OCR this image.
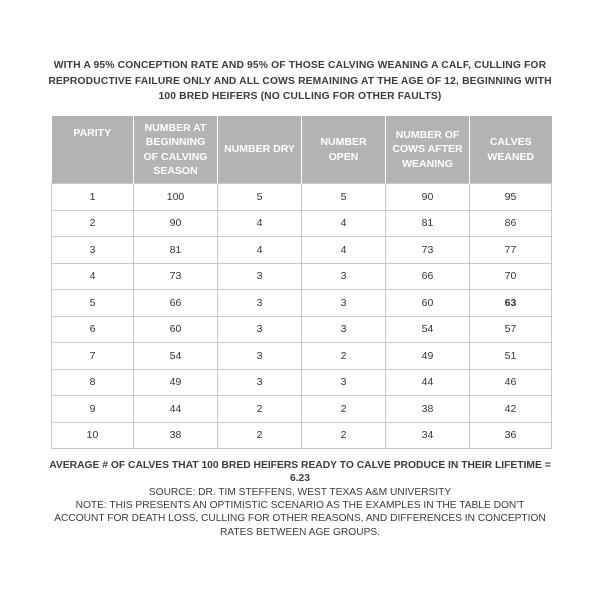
WITH A 95% CONCEPTION RATE AND 95% OF THOSE CALVING WEANING A CALF, CULLING FOR REPRODUCTIVE FAILURE ONLY AND ALL COWS REMAINING AT THE AGE OF 12, BEGINNING WITH 100 BRED HEIFERS (NO CULLING FOR OTHER FAULTS)
PARITY	NUMBER AT BEGINNING OF CALVING SEASON	NUMBER DRY	NUMBER OPEN	NUMBER OF COWS AFTER WEANING	CALVES WEANED
1	100	5	5	90	95
2	90	4	4	81	86
3	81	4	4	73	77
4	73	3	3	66	70
5	66	3	3	60	63
6	60	3	3	54	57
7	54	3	2	49	51
8	49	3	3	44	46
9	44	2	2	38	42
10	38	2	2	34	36
AVERAGE # OF CALVES THAT 100 BRED HEIFERS READY TO CALVE PRODUCE IN THEIR LIFETIME = 6.23
SOURCE: DR. TIM STEFFENS, WEST TEXAS A&M UNIVERSITY
NOTE: THIS PRESENTS AN OPTIMISTIC SCENARIO AS THE EXAMPLES IN THE TABLE DON'T ACCOUNT FOR DEATH LOSS, CULLING FOR OTHER REASONS, AND DIFFERENCES IN CONCEPTION RATES BETWEEN AGE GROUPS.
